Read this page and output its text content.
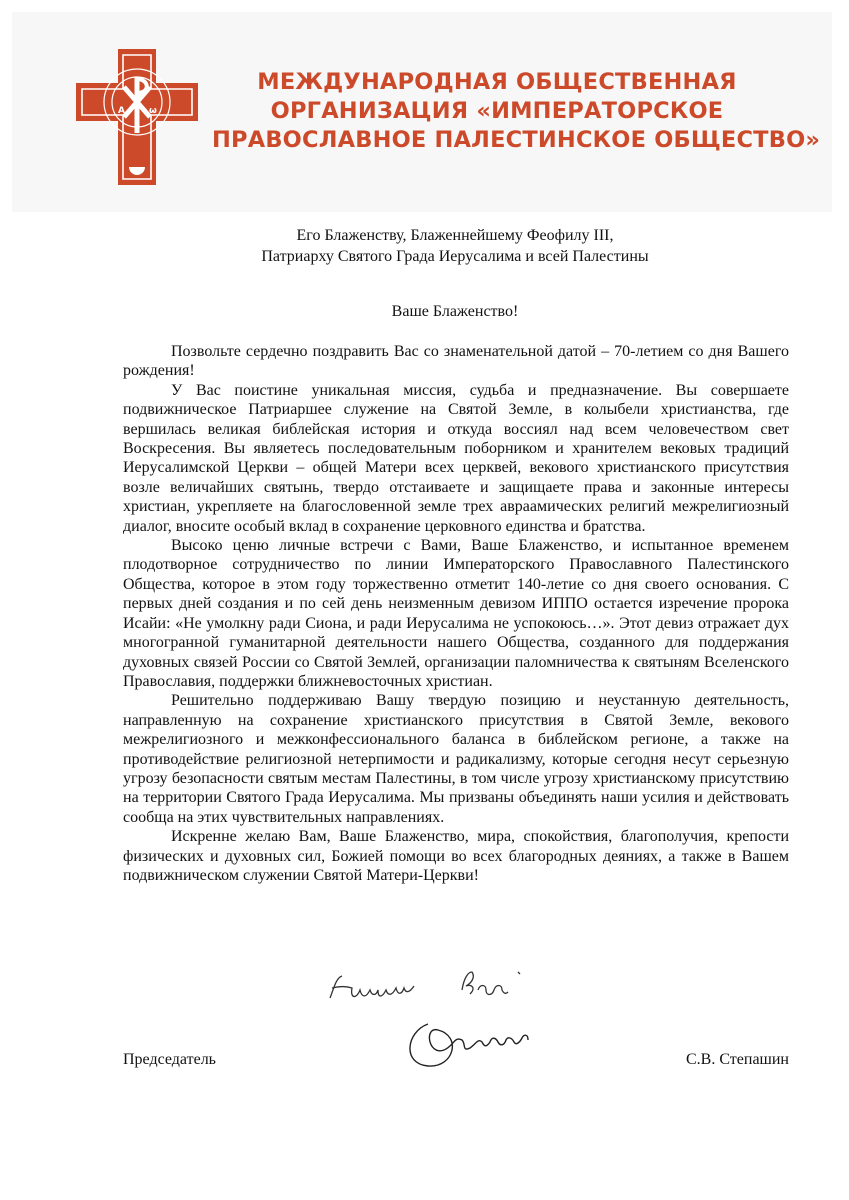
А	ω
МЕЖДУНАРОДНАЯ ОБЩЕСТВЕННАЯ
ОРГАНИЗАЦИЯ «ИМПЕРАТОРСКОЕ
ПРАВОСЛАВНОЕ ПАЛЕСТИНСКОЕ ОБЩЕСТВО»
Его Блаженству, Блаженнейшему Феофилу III,
Патриарху Святого Града Иерусалима и всей Палестины
Ваше Блаженство!

Позвольте сердечно поздравить Вас со знаменательной датой – 70-летием со дня Вашего рождения!

У Вас поистине уникальная миссия, судьба и предназначение. Вы совершаете подвижническое Патриаршее служение на Святой Земле, в колыбели христианства, где вершилась великая библейская история и откуда воссиял над всем человечеством свет Воскресения. Вы являетесь последовательным поборником и хранителем вековых традиций Иерусалимской Церкви – общей Матери всех церквей, векового христианского присутствия возле величайших святынь, твердо отстаиваете и защищаете права и законные интересы христиан, укрепляете на благословенной земле трех авраамических религий межрелигиозный диалог, вносите особый вклад в сохранение церковного единства и братства.

Высоко ценю личные встречи с Вами, Ваше Блаженство, и испытанное временем плодотворное сотрудничество по линии Императорского Православного Палестинского Общества, которое в этом году торжественно отметит 140-летие со дня своего основания. С первых дней создания и по сей день неизменным девизом ИППО остается изречение пророка Исайи: «Не умолкну ради Сиона, и ради Иерусалима не успокоюсь…». Этот девиз отражает дух многогранной гуманитарной деятельности нашего Общества, созданного для поддержания духовных связей России со Святой Землей, организации паломничества к святыням Вселенского Православия, поддержки ближневосточных христиан.

Решительно поддерживаю Вашу твердую позицию и неустанную деятельность, направленную на сохранение христианского присутствия в Святой Земле, векового межрелигиозного и межконфессионального баланса в библейском регионе, а также на противодействие религиозной нетерпимости и радикализму, которые сегодня несут серьезную угрозу безопасности святым местам Палестины, в том числе угрозу христианскому присутствию на территории Святого Града Иерусалима. Мы призваны объединять наши усилия и действовать сообща на этих чувствительных направлениях.

Искренне желаю Вам, Ваше Блаженство, мира, спокойствия, благополучия, крепости физических и духовных сил, Божией помощи во всех благородных деяниях, а также в Вашем подвижническом служении Святой Матери-Церкви!

Председатель	С.В. Степашин
